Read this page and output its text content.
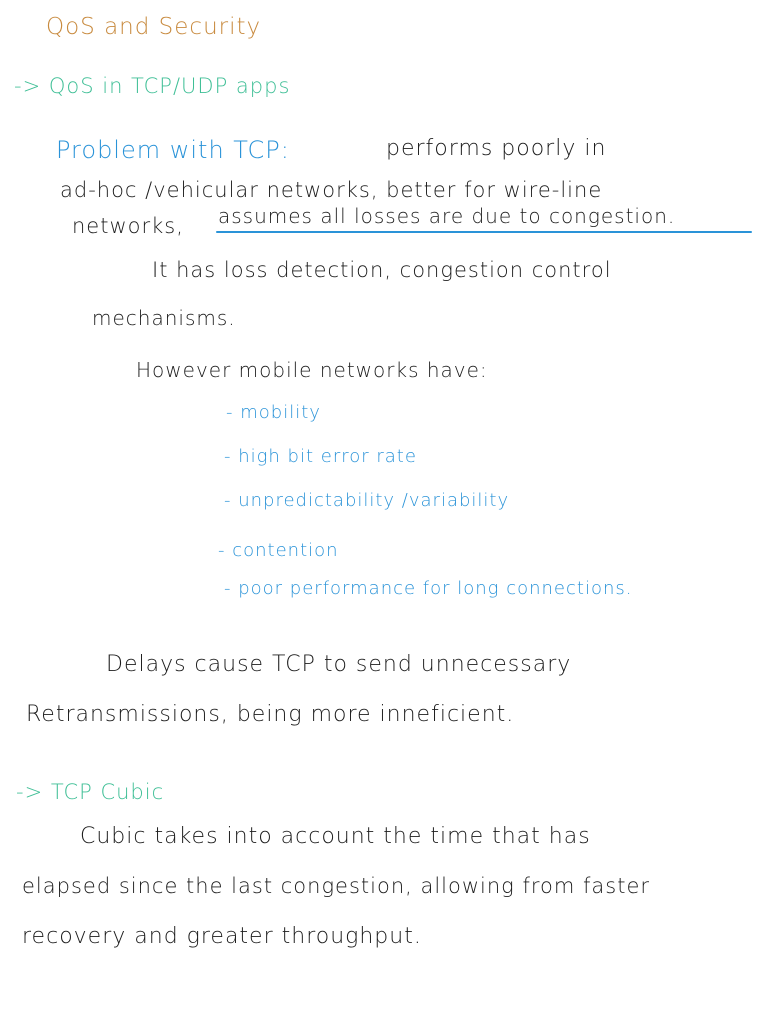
QoS and Security
-> QoS in TCP/UDP apps
Problem with TCP:	performs poorly in
ad-hoc /vehicular networks, better for wire-line
networks, assumes all losses are due to congestion.
It has loss detection, congestion control
mechanisms.
However mobile networks have:
- mobility
- high bit error rate
- unpredictability /variability
- contention
- poor performance for long connections.
Delays cause TCP to send unnecessary
Retransmissions, being more inneficient.
-> TCP Cubic
Cubic takes into account the time that has
elapsed since the last congestion, allowing from faster
recovery and greater throughput.
